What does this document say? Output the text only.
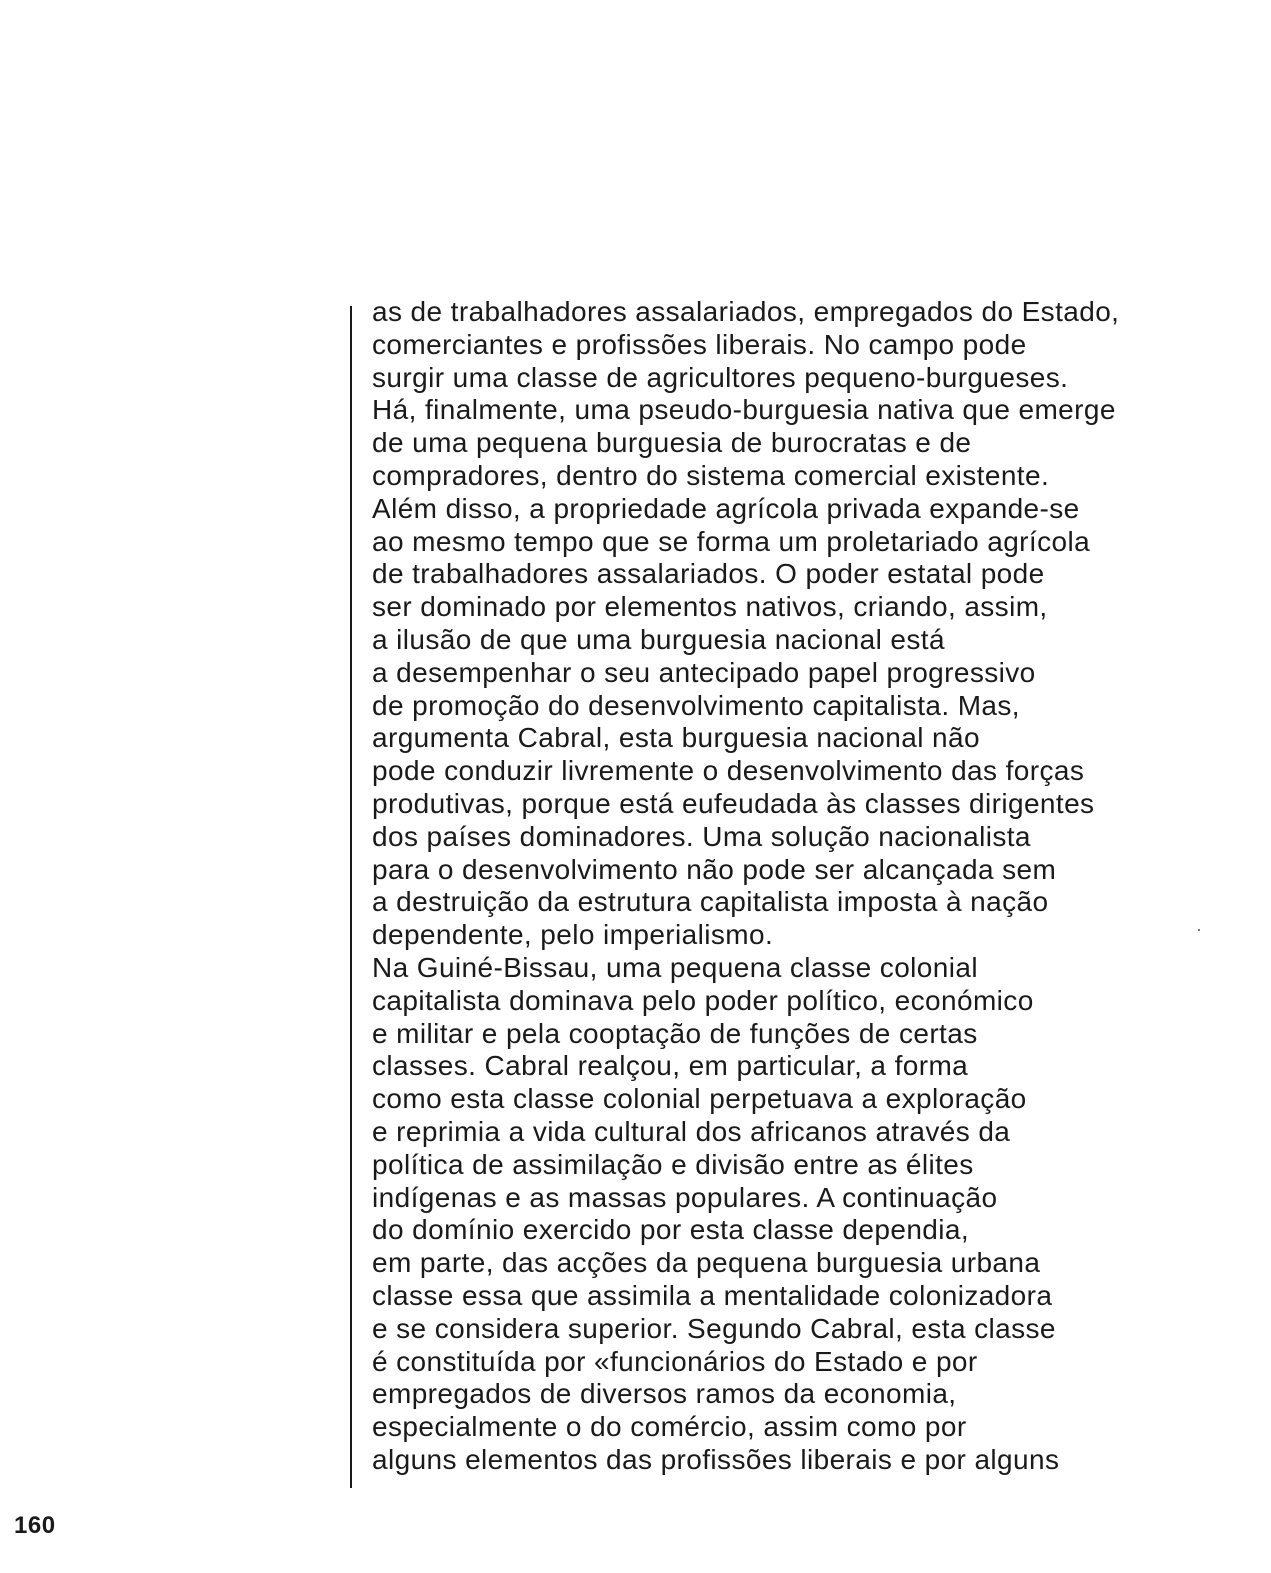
as de trabalhadores assalariados, empregados do Estado,
comerciantes e profissões liberais. No campo pode
surgir uma classe de agricultores pequeno-burgueses.
Há, finalmente, uma pseudo-burguesia nativa que emerge
de uma pequena burguesia de burocratas e de
compradores, dentro do sistema comercial existente.
Além disso, a propriedade agrícola privada expande-se
ao mesmo tempo que se forma um proletariado agrícola
de trabalhadores assalariados. O poder estatal pode
ser dominado por elementos nativos, criando, assim,
a ilusão de que uma burguesia nacional está
a desempenhar o seu antecipado papel progressivo
de promoção do desenvolvimento capitalista. Mas,
argumenta Cabral, esta burguesia nacional não
pode conduzir livremente o desenvolvimento das forças
produtivas, porque está eufeudada às classes dirigentes
dos países dominadores. Uma solução nacionalista
para o desenvolvimento não pode ser alcançada sem
a destruição da estrutura capitalista imposta à nação
dependente, pelo imperialismo.
Na Guiné-Bissau, uma pequena classe colonial
capitalista dominava pelo poder político, económico
e militar e pela cooptação de funções de certas
classes. Cabral realçou, em particular, a forma
como esta classe colonial perpetuava a exploração
e reprimia a vida cultural dos africanos através da
política de assimilação e divisão entre as élites
indígenas e as massas populares. A continuação
do domínio exercido por esta classe dependia,
em parte, das acções da pequena burguesia urbana
classe essa que assimila a mentalidade colonizadora
e se considera superior. Segundo Cabral, esta classe
é constituída por «funcionários do Estado e por
empregados de diversos ramos da economia,
especialmente o do comércio, assim como por
alguns elementos das profissões liberais e por alguns
160
